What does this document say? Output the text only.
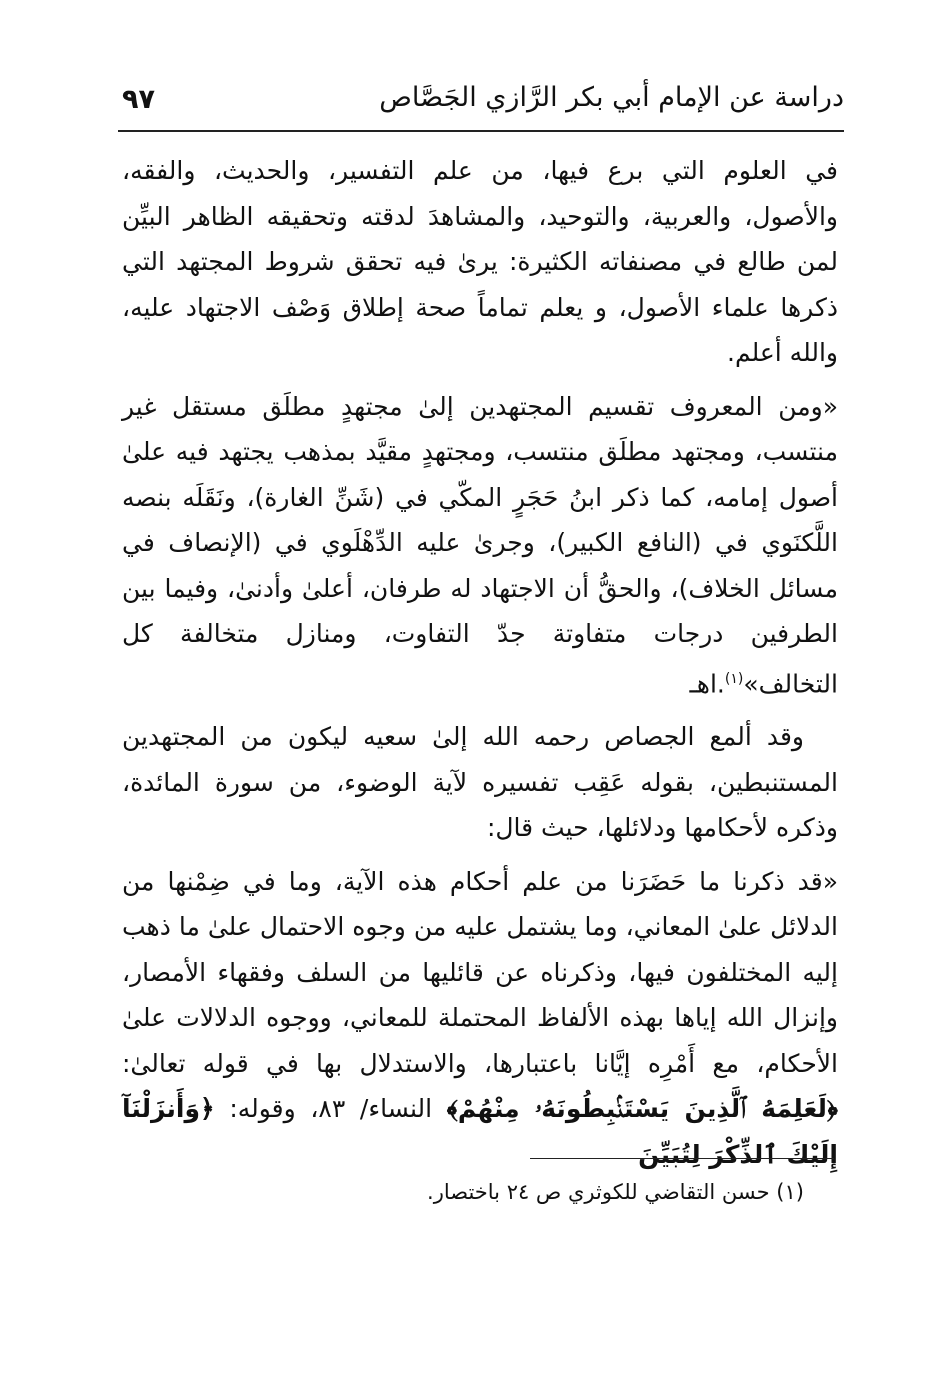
دراسة عن الإمام أبي بكر الرَّازي الجَصَّاص
٩٧

في العلوم التي برع فيها، من علم التفسير، والحديث، والفقه، والأصول، والعربية، والتوحيد، والمشاهدَ لدقته وتحقيقه الظاهر البيِّن لمن طالع في مصنفاته الكثيرة: يرىٰ فيه تحقق شروط المجتهد التي ذكرها علماء الأصول، و يعلم تماماً صحة إطلاق وَصْف الاجتهاد عليه، والله أعلم.

«ومن المعروف تقسيم المجتهدين إلىٰ مجتهدٍ مطلَق مستقل غير منتسب، ومجتهد مطلَق منتسب، ومجتهدٍ مقيَّد بمذهب يجتهد فيه علىٰ أصول إمامه، كما ذكر ابنُ حَجَرٍ المكّي في (شَنِّ الغارة)، ونَقَلَه بنصه اللَّكنَوي في (النافع الكبير)، وجرىٰ عليه الدِّهْلَوي في (الإنصاف في مسائل الخلاف)، والحقُّ أن الاجتهاد له طرفان، أعلىٰ وأدنىٰ، وفيما بين الطرفين درجات متفاوتة جدّ التفاوت، ومنازل متخالفة كل التخالف»$^{(١)}$.اهـ

وقد ألمع الجصاص رحمه الله إلىٰ سعيه ليكون من المجتهدين المستنبطين، بقوله عَقِب تفسيره لآية الوضوء، من سورة المائدة، وذكره لأحكامها ودلائلها، حيث قال:

«قد ذكرنا ما حَضَرَنا من علم أحكام هذه الآية، وما في ضِمْنها من الدلائل علىٰ المعاني، وما يشتمل عليه من وجوه الاحتمال علىٰ ما ذهب إليه المختلفون فيها، وذكرناه عن قائليها من السلف وفقهاء الأمصار، وإنزال الله إياها بهذه الألفاظ المحتملة للمعاني، ووجوه الدلالات علىٰ الأحكام، مع أَمْرِه إيَّانا باعتبارها، والاستدلال بها في قوله تعالىٰ: ﴿لَعَلِمَهُ ٱلَّذِينَ يَسْتَنۢبِطُونَهُۥ مِنْهُمْ﴾ النساء/ ٨٣، وقوله: ﴿وَأَنزَلْنَآ إِلَيْكَ ٱلذِّكْرَ لِتُبَيِّنَ

(١) حسن التقاضي للكوثري ص ٢٤ باختصار.
